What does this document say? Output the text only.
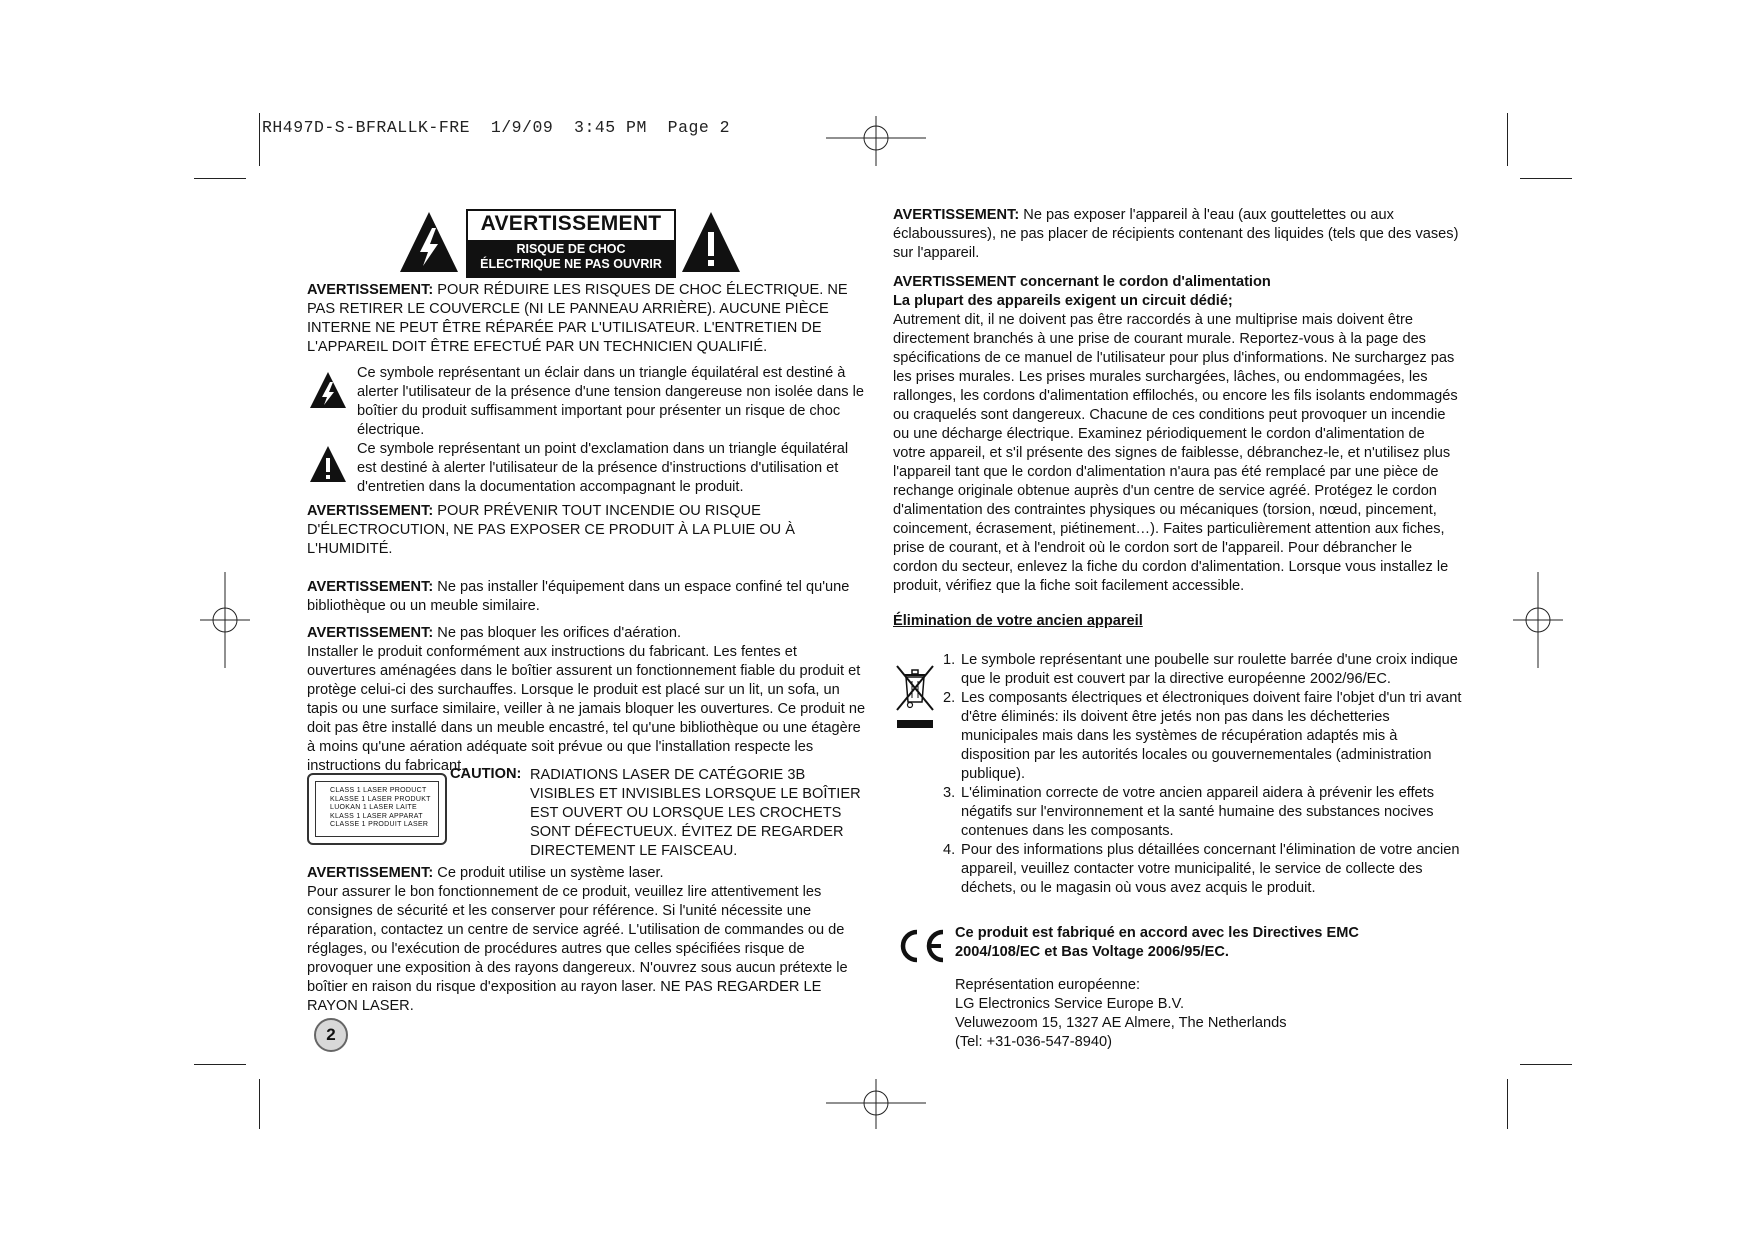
RH497D-S-BFRALLK-FRE  1/9/09  3:45 PM  Page 2
AVERTISSEMENT
RISQUE DE CHOC
ÉLECTRIQUE NE PAS OUVRIR

AVERTISSEMENT: POUR RÉDUIRE LES RISQUES DE CHOC ÉLECTRIQUE. NE PAS RETIRER LE COUVERCLE (NI LE PANNEAU ARRIÈRE). AUCUNE PIÈCE INTERNE NE PEUT ÊTRE RÉPARÉE PAR L'UTILISATEUR. L'ENTRETIEN DE L'APPAREIL DOIT ÊTRE EFECTUÉ PAR UN TECHNICIEN QUALIFIÉ.

Ce symbole représentant un éclair dans un triangle équilatéral est destiné à alerter l'utilisateur de la présence d'une tension dangereuse non isolée dans le boîtier du produit suffisamment important pour présenter un risque de choc électrique.
Ce symbole représentant un point d'exclamation dans un triangle équilatéral est destiné à alerter l'utilisateur de la présence d'instructions d'utilisation et d'entretien dans la documentation accompagnant le produit.

AVERTISSEMENT: POUR PRÉVENIR TOUT INCENDIE OU RISQUE D'ÉLECTROCUTION, NE PAS EXPOSER CE PRODUIT À LA PLUIE OU À L'HUMIDITÉ.

AVERTISSEMENT: Ne pas installer l'équipement dans un espace confiné tel qu'une bibliothèque ou un meuble similaire.

AVERTISSEMENT: Ne pas bloquer les orifices d'aération.

Installer le produit conformément aux instructions du fabricant. Les fentes et ouvertures aménagées dans le boîtier assurent un fonctionnement fiable du produit et protège celui-ci des surchauffes. Lorsque le produit est placé sur un lit, un sofa, un tapis ou une surface similaire, veiller à ne jamais bloquer les ouvertures. Ce produit ne doit pas être installé dans un meuble encastré, tel qu'une bibliothèque ou une étagère à moins qu'une aération adéquate soit prévue ou que l'installation respecte les instructions du fabricant.

CLASS 1 LASER PRODUCT
KLASSE 1 LASER PRODUKT
LUOKAN 1 LASER LAITE
KLASS 1 LASER APPARAT
CLASSE 1 PRODUIT LASER
CAUTION: RADIATIONS LASER DE CATÉGORIE 3B VISIBLES ET INVISIBLES LORSQUE LE BOÎTIER EST OUVERT OU LORSQUE LES CROCHETS SONT DÉFECTUEUX. ÉVITEZ DE REGARDER DIRECTEMENT LE FAISCEAU.

AVERTISSEMENT: Ce produit utilise un système laser.

Pour assurer le bon fonctionnement de ce produit, veuillez lire attentivement les consignes de sécurité et les conserver pour référence. Si l'unité nécessite une réparation, contactez un centre de service agréé. L'utilisation de commandes ou de réglages, ou l'exécution de procédures autres que celles spécifiées risque de provoquer une exposition à des rayons dangereux. N'ouvrez sous aucun prétexte le boîtier en raison du risque d'exposition au rayon laser. NE PAS REGARDER LE RAYON LASER.

2

AVERTISSEMENT: Ne pas exposer l'appareil à l'eau (aux gouttelettes ou aux éclaboussures), ne pas placer de récipients contenant des liquides (tels que des vases) sur l'appareil.

AVERTISSEMENT concernant le cordon d'alimentation

La plupart des appareils exigent un circuit dédié;

Autrement dit, il ne doivent pas être raccordés à une multiprise mais doivent être directement branchés à une prise de courant murale. Reportez-vous à la page des spécifications de ce manuel de l'utilisateur pour plus d'informations. Ne surchargez pas les prises murales. Les prises murales surchargées, lâches, ou endommagées, les rallonges, les cordons d'alimentation effilochés, ou encore les fils isolants endommagés ou craquelés sont dangereux. Chacune de ces conditions peut provoquer un incendie ou une décharge électrique. Examinez périodiquement le cordon d'alimentation de votre appareil, et s'il présente des signes de faiblesse, débranchez-le, et n'utilisez plus l'appareil tant que le cordon d'alimentation n'aura pas été remplacé par une pièce de rechange originale obtenue auprès d'un centre de service agréé. Protégez le cordon d'alimentation des contraintes physiques ou mécaniques (torsion, nœud, pincement, coincement, écrasement, piétinement…). Faites particulièrement attention aux fiches, prise de courant, et à l'endroit où le cordon sort de l'appareil. Pour débrancher le cordon du secteur, enlevez la fiche du cordon d'alimentation. Lorsque vous installez le produit, vérifiez que la fiche soit facilement accessible.

Élimination de votre ancien appareil

1. Le symbole représentant une poubelle sur roulette barrée d'une croix indique que le produit est couvert par la directive européenne 2002/96/EC.
2. Les composants électriques et électroniques doivent faire l'objet d'un tri avant d'être éliminés: ils doivent être jetés non pas dans les déchetteries municipales mais dans les systèmes de récupération adaptés mis à disposition par les autorités locales ou gouvernementales (administration publique).
3. L'élimination correcte de votre ancien appareil aidera à prévenir les effets négatifs sur l'environnement et la santé humaine des substances nocives contenues dans les composants.
4. Pour des informations plus détaillées concernant l'élimination de votre ancien appareil, veuillez contacter votre municipalité, le service de collecte des déchets, ou le magasin où vous avez acquis le produit.
Ce produit est fabriqué en accord avec les Directives EMC 2004/108/EC et Bas Voltage 2006/95/EC.
Représentation européenne:
LG Electronics Service Europe B.V.
Veluwezoom 15, 1327 AE Almere, The Netherlands
(Tel: +31-036-547-8940)
